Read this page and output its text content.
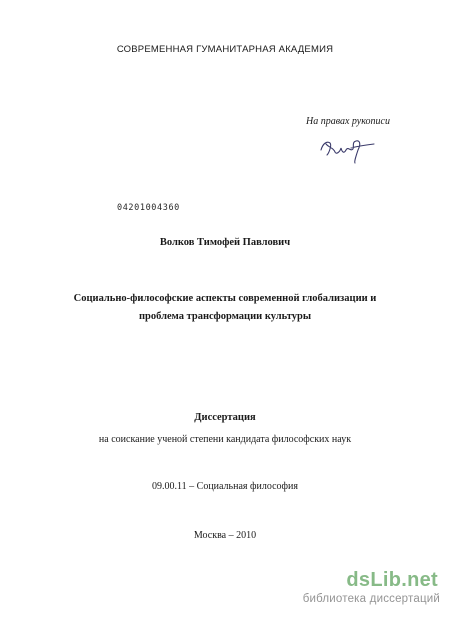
СОВРЕМЕННАЯ ГУМАНИТАРНАЯ АКАДЕМИЯ
На правах рукописи
04201004360
Волков Тимофей Павлович
Социально-философские аспекты современной глобализации и
проблема трансформации культуры
Диссертация
на соискание ученой степени кандидата философских наук
09.00.11 – Социальная философия
Москва – 2010
dsLib.net
библиотека диссертаций
